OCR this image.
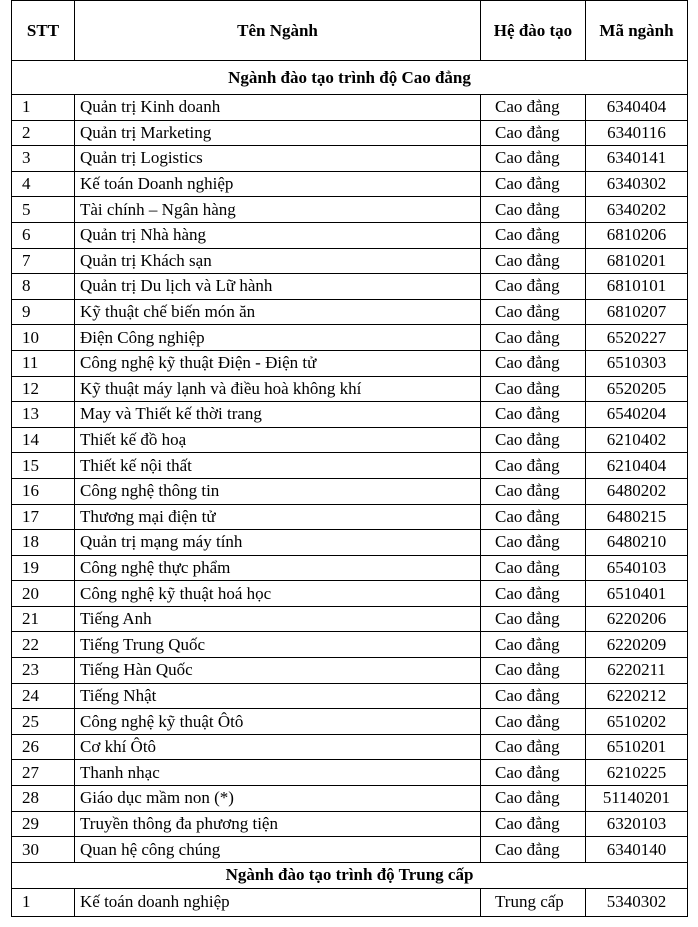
STT	Tên Ngành	Hệ đào tạo	Mã ngành
Ngành đào tạo trình độ Cao đẳng			
1	Quản trị Kinh doanh	Cao đẳng	6340404
2	Quản trị Marketing	Cao đẳng	6340116
3	Quản trị Logistics	Cao đẳng	6340141
4	Kế toán Doanh nghiệp	Cao đẳng	6340302
5	Tài chính – Ngân hàng	Cao đẳng	6340202
6	Quản trị Nhà hàng	Cao đẳng	6810206
7	Quản trị Khách sạn	Cao đẳng	6810201
8	Quản trị Du lịch và Lữ hành	Cao đẳng	6810101
9	Kỹ thuật chế biến món ăn	Cao đẳng	6810207
10	Điện Công nghiệp	Cao đẳng	6520227
11	Công nghệ kỹ thuật Điện - Điện tử	Cao đẳng	6510303
12	Kỹ thuật máy lạnh và điều hoà không khí	Cao đẳng	6520205
13	May và Thiết kế thời trang	Cao đẳng	6540204
14	Thiết kế đồ hoạ	Cao đẳng	6210402
15	Thiết kế nội thất	Cao đẳng	6210404
16	Công nghệ thông tin	Cao đẳng	6480202
17	Thương mại điện tử	Cao đẳng	6480215
18	Quản trị mạng máy tính	Cao đẳng	6480210
19	Công nghệ thực phẩm	Cao đẳng	6540103
20	Công nghệ kỹ thuật hoá học	Cao đẳng	6510401
21	Tiếng Anh	Cao đẳng	6220206
22	Tiếng Trung Quốc	Cao đẳng	6220209
23	Tiếng Hàn Quốc	Cao đẳng	6220211
24	Tiếng Nhật	Cao đẳng	6220212
25	Công nghệ kỹ thuật Ôtô	Cao đẳng	6510202
26	Cơ khí Ôtô	Cao đẳng	6510201
27	Thanh nhạc	Cao đẳng	6210225
28	Giáo dục mầm non (*)	Cao đẳng	51140201
29	Truyền thông đa phương tiện	Cao đẳng	6320103
30	Quan hệ công chúng	Cao đẳng	6340140
Ngành đào tạo trình độ Trung cấp			
1	Kế toán doanh nghiệp	Trung cấp	5340302
